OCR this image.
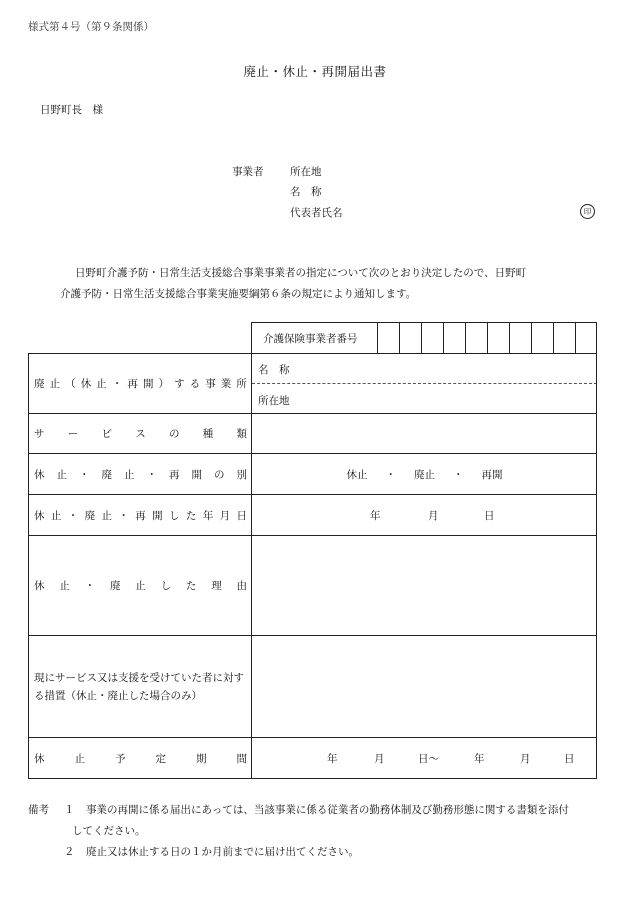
様式第４号（第９条関係）
廃止・休止・再開届出書
日野町長　様
事業者	所在地
名　称
代表者氏名	印
日野町介護予防・日常生活支援総合事業事業者の指定について次のとおり決定したので、日野町
介護予防・日常生活支援総合事業実施要綱第６条の規定により通知します。
介護保険事業者番号
廃 止 （ 休 止 ・ 再 開 ） す る 事 業 所
名　称
所在地
サ ー ビ ス の 種 類
休 止 ・ 廃 止 ・ 再 開 の 別	休止 ・ 廃止 ・ 再開
休 止 ・ 廃 止 ・ 再 開 し た 年 月 日	年	月	日
休 止 ・ 廃 止 し た 理 由
現にサービス又は支援を受けていた者に対する措置（休止・廃止した場合のみ）
休	止	予	定	期	間	年	月	日～	年	月	日
備考 １ 事業の再開に係る届出にあっては、当該事業に係る従業者の勤務体制及び勤務形態に関する書類を添付
してください。
２ 廃止又は休止する日の１か月前までに届け出てください。
